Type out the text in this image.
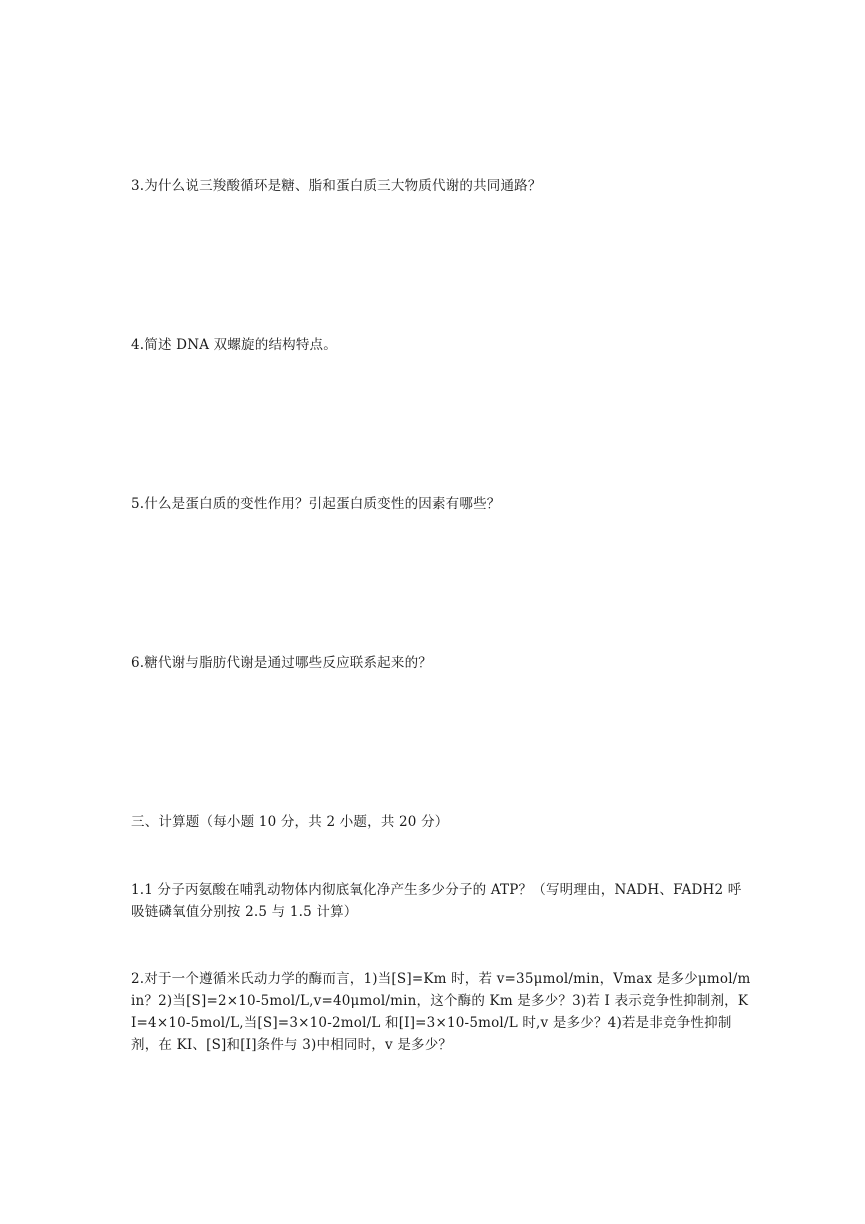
3.为什么说三羧酸循环是糖、脂和蛋白质三大物质代谢的共同通路？
4.简述 DNA 双螺旋的结构特点。
5.什么是蛋白质的变性作用？引起蛋白质变性的因素有哪些？
6.糖代谢与脂肪代谢是通过哪些反应联系起来的？
三、计算题（每小题 10 分，共 2 小题，共 20 分）
1.1 分子丙氨酸在哺乳动物体内彻底氧化净产生多少分子的 ATP？（写明理由，NADH、FADH2 呼吸链磷氧值分别按 2.5 与 1.5 计算）
2.对于一个遵循米氏动力学的酶而言，1)当[S]=Km 时，若 v=35μmol/min，Vmax 是多少μmol/min？2)当[S]=2×10-5mol/L,v=40μmol/min，这个酶的 Km 是多少？3)若 I 表示竞争性抑制剂，KI=4×10-5mol/L,当[S]=3×10-2mol/L 和[I]=3×10-5mol/L 时,v 是多少？4)若是非竞争性抑制剂，在 KI、[S]和[I]条件与 3)中相同时，v 是多少？
